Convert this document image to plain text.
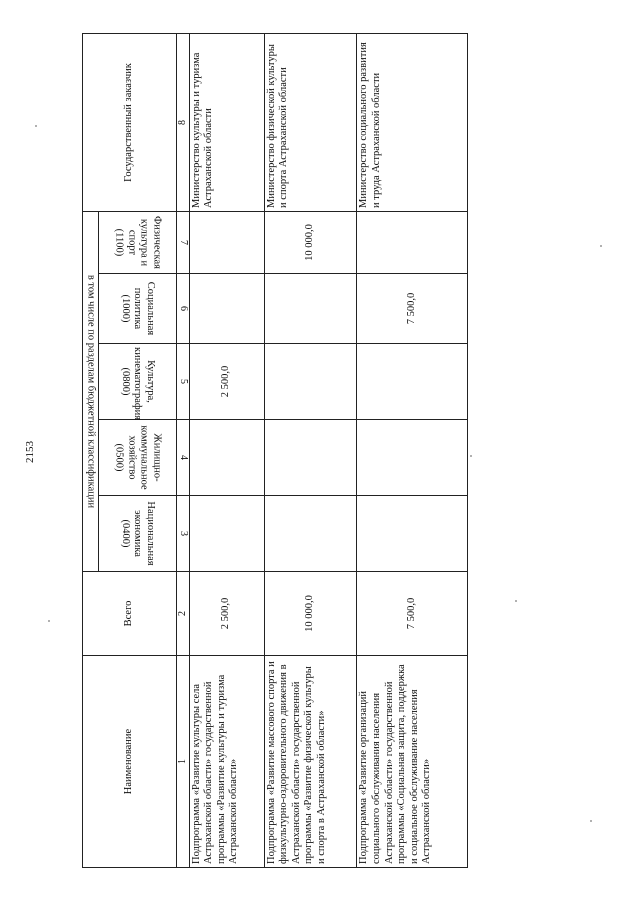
2153
Наименование	Всего	в том числе по разделам бюджетной классификации					Государственный заказчик

		Национальная экономика (0400)	Жилищно-коммунальное хозяйство (0500)	Культура, кинематография (0800)	Социальная политика (1000)	Физическая культура и спорт (1100)	

1	2	3	4	5	6	7	8
Подпрограмма «Развитие культуры села Астраханской области» государственной программы «Развитие культуры и туризма Астраханской области»	2 500,0			2 500,0			Министерство культуры и туризма Астраханской области
Подпрограмма «Развитие массового спорта и физкультурно-оздоровительного движения в Астраханской области» государственной программы «Развитие физической культуры и спорта в Астраханской области»	10 000,0					10 000,0	Министерство физической культуры и спорта Астраханской области
Подпрограмма «Развитие организаций социального обслуживания населения Астраханской области» государственной программы «Социальная защита, поддержка и социальное обслуживание населения Астраханской области»	7 500,0				7 500,0		Министерство социального развития и труда Астраханской области
